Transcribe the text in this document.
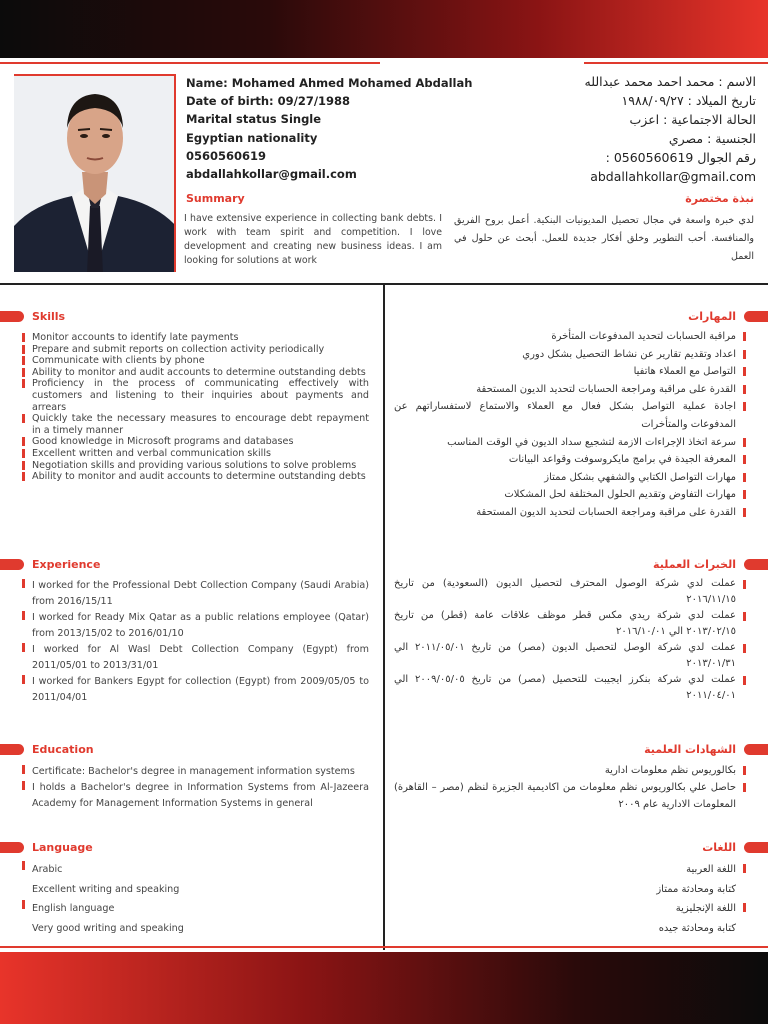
Name: Mohamed Ahmed Mohamed Abdallah
Date of birth: 09/27/1988
Marital status Single
Egyptian nationality
0560560619
abdallahkollar@gmail.com
الاسم : محمد احمد محمد عبدالله
تاريخ الميلاد : ١٩٨٨/٠٩/٢٧
الحالة الاجتماعية : اعزب
الجنسية : مصري
رقم الجوال 0560560619 :
abdallahkollar@gmail.com
Summary
I have extensive experience in collecting bank debts. I work with team spirit and competition. I love development and creating new business ideas. I am looking for solutions at work
نبذة مختصرة
لدي خبرة واسعة في مجال تحصيل المديونيات البنكية. أعمل بروح الفريق والمنافسة. أحب التطوير وخلق أفكار جديدة للعمل. أبحث عن حلول في العمل
Skills
Monitor accounts to identify late payments
Prepare and submit reports on collection activity periodically
Communicate with clients by phone
Ability to monitor and audit accounts to determine outstanding debts
Proficiency in the process of communicating effectively with customers and listening to their inquiries about payments and arrears
Quickly take the necessary measures to encourage debt repayment in a timely manner
Good knowledge in Microsoft programs and databases
Excellent written and verbal communication skills
Negotiation skills and providing various solutions to solve problems
Ability to monitor and audit accounts to determine outstanding debts
المهارات
مراقبة الحسابات لتحديد المدفوعات المتأخرة
اعداد وتقديم تقارير عن نشاط التحصيل بشكل دوري
التواصل مع العملاء هاتفيا
القدرة على مراقبة ومراجعة الحسابات لتحديد الديون المستحقة
اجادة عملية التواصل بشكل فعال مع العملاء والاستماع لاستفساراتهم عن المدفوعات والمتأخرات
سرعة اتخاذ الإجراءات الازمة لتشجيع سداد الديون في الوقت المناسب
المعرفة الجيدة في برامج مايكروسوفت وقواعد البيانات
مهارات التواصل الكتابي والشفهي بشكل ممتاز
مهارات التفاوض وتقديم الحلول المختلفة لحل المشكلات
القدرة على مراقبة ومراجعة الحسابات لتحديد الديون المستحقة
Experience
I worked for the Professional Debt Collection Company (Saudi Arabia) from 2016/15/11
I worked for Ready Mix Qatar as a public relations employee (Qatar) from 2013/15/02 to 2016/01/10
I worked for Al Wasl Debt Collection Company (Egypt) from 2011/05/01 to 2013/31/01
I worked for Bankers Egypt for collection (Egypt) from 2009/05/05 to 2011/04/01
الخبرات العملية
عملت لدي شركة الوصول المحترف لتحصيل الديون (السعودية) من تاريخ ٢٠١٦/١١/١٥
عملت لدي شركة ريدي مكس قطر موظف علاقات عامة (قطر) من تاريخ ٢٠١٣/٠٢/١٥ الي ٢٠١٦/١٠/٠١
عملت لدي شركة الوصل لتحصيل الديون (مصر) من تاريخ ٢٠١١/٠٥/٠١ الي ٢٠١٣/٠١/٣١
عملت لدي شركة بنكرز ايجيبت للتحصيل (مصر) من تاريخ ٢٠٠٩/٠٥/٠٥ الي ٢٠١١/٠٤/٠١
Education
Certificate: Bachelor's degree in management information systems
I holds a Bachelor's degree in Information Systems from Al-Jazeera Academy for Management Information Systems in general
الشهادات العلمية
بكالوريوس نظم معلومات ادارية
حاصل علي بكالوريوس نظم معلومات من اكاديمية الجزيرة لنظم (مصر – القاهرة) المعلومات الادارية عام ٢٠٠٩
Language
Arabic
Excellent writing and speaking
English language
Very good writing and speaking
اللغات
اللغة العربية
كتابة ومحادثة ممتاز
اللغة الإنجليزية
كتابة ومحادثة جيده
